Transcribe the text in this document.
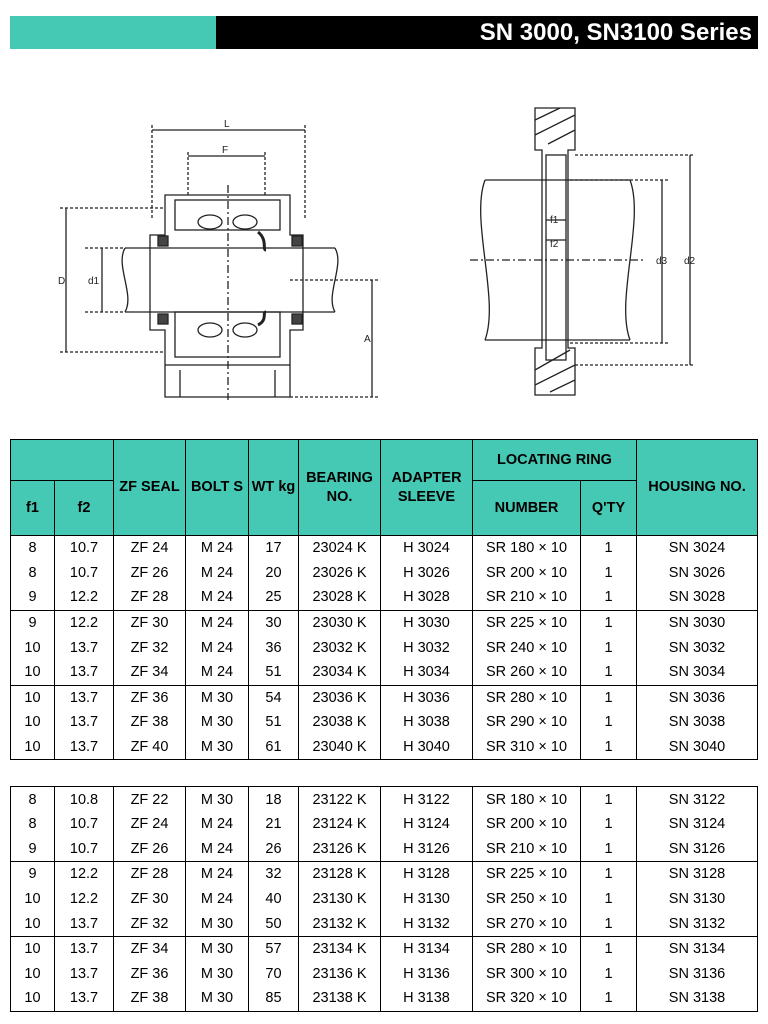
SN 3000, SN3100 Series
L
F
D d1
A
f1
f2
d3 d2
		ZF SEAL	BOLT S	WT kg	BEARING NO.	ADAPTER SLEEVE	LOCATING RING		HOUSING NO.
f1	f2						NUMBER	Q'TY	
8	10.7	ZF 24	M 24	17	23024 K	H 3024	SR 180 × 10	1	SN 3024
8	10.7	ZF 26	M 24	20	23026 K	H 3026	SR 200 × 10	1	SN 3026
9	12.2	ZF 28	M 24	25	23028 K	H 3028	SR 210 × 10	1	SN 3028
9	12.2	ZF 30	M 24	30	23030 K	H 3030	SR 225 × 10	1	SN 3030
10	13.7	ZF 32	M 24	36	23032 K	H 3032	SR 240 × 10	1	SN 3032
10	13.7	ZF 34	M 24	51	23034 K	H 3034	SR 260 × 10	1	SN 3034
10	13.7	ZF 36	M 30	54	23036 K	H 3036	SR 280 × 10	1	SN 3036
10	13.7	ZF 38	M 30	51	23038 K	H 3038	SR 290 × 10	1	SN 3038
10	13.7	ZF 40	M 30	61	23040 K	H 3040	SR 310 × 10	1	SN 3040

8	10.8	ZF 22	M 30	18	23122 K	H 3122	SR 180 × 10	1	SN 3122
8	10.7	ZF 24	M 24	21	23124 K	H 3124	SR 200 × 10	1	SN 3124
9	10.7	ZF 26	M 24	26	23126 K	H 3126	SR 210 × 10	1	SN 3126
9	12.2	ZF 28	M 24	32	23128 K	H 3128	SR 225 × 10	1	SN 3128
10	12.2	ZF 30	M 24	40	23130 K	H 3130	SR 250 × 10	1	SN 3130
10	13.7	ZF 32	M 30	50	23132 K	H 3132	SR 270 × 10	1	SN 3132
10	13.7	ZF 34	M 30	57	23134 K	H 3134	SR 280 × 10	1	SN 3134
10	13.7	ZF 36	M 30	70	23136 K	H 3136	SR 300 × 10	1	SN 3136
10	13.7	ZF 38	M 30	85	23138 K	H 3138	SR 320 × 10	1	SN 3138
